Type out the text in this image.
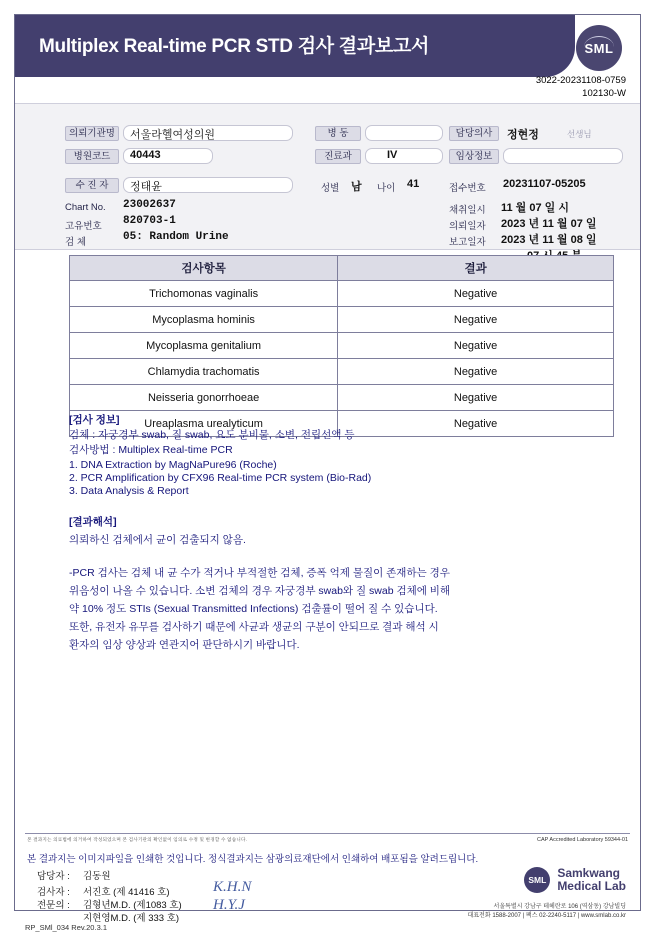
Multiplex Real-time PCR STD 검사 결과보고서	SML
3022-20231108-0759
102130-W
의뢰기관명	서울라헬여성의원	병 동	담당의사	정현정	선생님
병원코드	40443	진료과	IV	임상정보
수 진 자	정태윤	성별 남 나이 41	접수번호 20231107-05205
Chart No. 23002637
고유번호 820703-1
검 체	05: Random Urine
채취일시 11 월 07 일 시
의뢰일자 2023 년 11 월 07 일
보고일자 2023 년 11 월 08 일
검사항목	결과
Trichomonas vaginalis	Negative
Mycoplasma hominis	Negative
Mycoplasma genitalium	Negative
Chlamydia trachomatis	Negative
Neisseria gonorrhoeae	Negative
Ureaplasma urealyticum	Negative
[검사 정보]
검체 : 자궁경부 swab, 질 swab, 요도 분비물, 소변, 전립선액 등
검사방법 : Multiplex Real-time PCR
1. DNA Extraction by MagNaPure96 (Roche)
2. PCR Amplification by CFX96 Real-time PCR system (Bio-Rad)
3. Data Analysis & Report
[결과해석]
의뢰하신 검체에서 균이 검출되지 않음.
-PCR 검사는 검체 내 균 수가 적거나 부적절한 검체, 증폭 억제 물질이 존재하는 경우
위음성이 나올 수 있습니다. 소변 검체의 경우 자궁경부 swab와 질 swab 검체에 비해
약 10% 정도 STIs (Sexual Transmitted Infections) 검출률이 떨어 질 수 있습니다.
또한, 유전자 유무를 검사하기 때문에 사균과 생균의 구분이 안되므로 결과 해석 시
환자의 임상 양상과 연관지어 판단하시기 바랍니다.
본 결과지는 의료법에 의거하여 작성되었으며 본 검사기관의 확인없이 임의로 수정 및 변경할 수 없습니다.	CAP Accredited Laboratory 59344-01
본 결과지는 이미지파일을 인쇄한 것입니다. 정식결과지는 삼광의료재단에서 인쇄하여 배포됨을 알려드립니다.
담당자 : 김동원
검사자 : 서진호 (제 41416 호)
전문의 : 김형년M.D. (제1083 호)
지현영M.D. (제 333 호)
K.H.N
H.Y.J
SML Samkwang
Medical Lab
서울특별시 강남구 테헤란로 106 (역삼동) 강남빌딩
대표전화 1588-2007 | 팩스 02-2240-5117 | www.smlab.co.kr
RP_SMl_034 Rev.20.3.1
